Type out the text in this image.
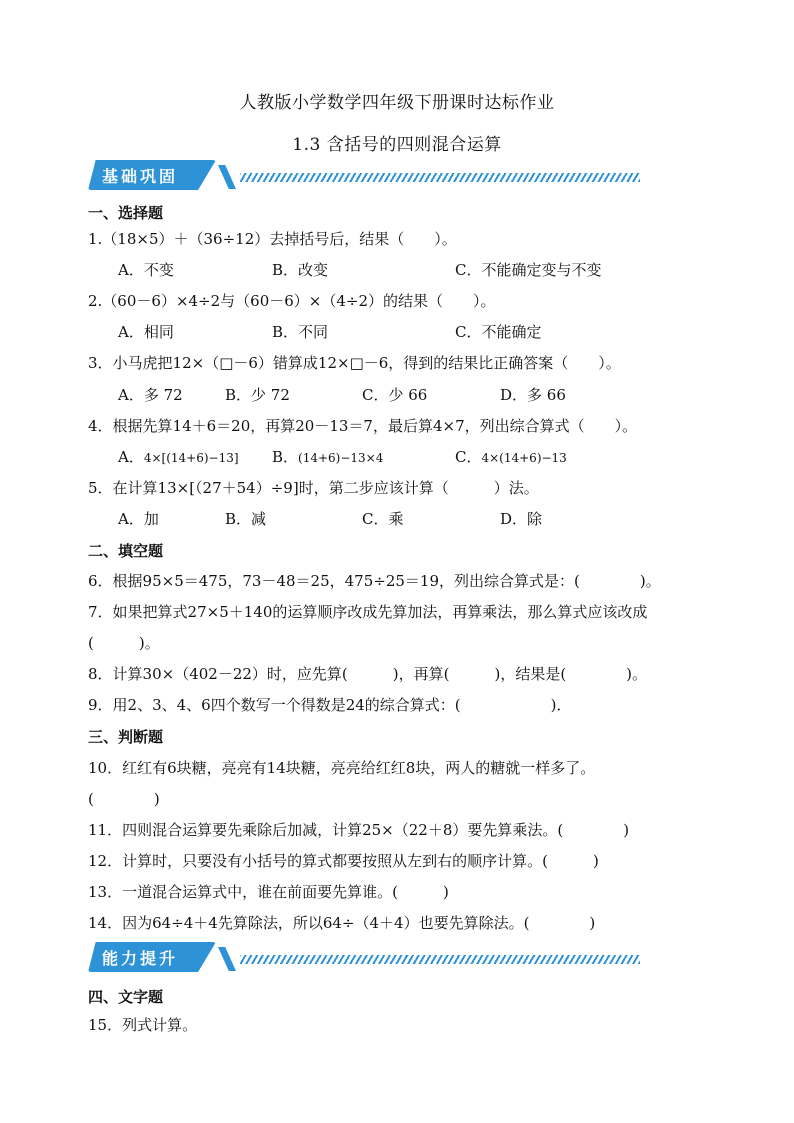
人教版小学数学四年级下册课时达标作业
1.3 含括号的四则混合运算
基础巩固
一、选择题
1.（18×5）＋（36÷12）去掉括号后，结果（　　）。
A．不变	B．改变	C．不能确定变与不变
2.（60－6）×4÷2与（60－6）×（4÷2）的结果（　　）。
A．相同	B．不同	C．不能确定
3．小马虎把12×（□－6）错算成12×□－6，得到的结果比正确答案（　　）。
A．多 72	B．少 72	C．少 66	D．多 66
4．根据先算14＋6＝20，再算20－13＝7，最后算4×7，列出综合算式（　　）。
A．4×[(14+6)−13] B．(14+6)−13×4	C．4×(14+6)−13
5．在计算13×[（27＋54）÷9]时，第二步应该计算（　　　）法。
A．加	B．减	C．乘	D．除
二、填空题
6．根据95×5＝475，73－48＝25，475÷25＝19，列出综合算式是：(　　　　)。
7．如果把算式27×5＋140的运算顺序改成先算加法，再算乘法，那么算式应该改成
(　　　)。
8．计算30×（402－22）时，应先算(　　　)，再算(　　　)，结果是(　　　　)。
9．用2、3、4、6四个数写一个得数是24的综合算式：(　　　　　　)．
三、判断题
10．红红有6块糖，亮亮有14块糖，亮亮给红红8块，两人的糖就一样多了。
(　　　　)
11．四则混合运算要先乘除后加减，计算25×（22＋8）要先算乘法。(　　　　)
12．计算时，只要没有小括号的算式都要按照从左到右的顺序计算。(　　　)
13．一道混合运算式中，谁在前面要先算谁。(　　　)
14．因为64÷4＋4先算除法，所以64÷（4＋4）也要先算除法。(　　　　)
能力提升
四、文字题
15．列式计算。
